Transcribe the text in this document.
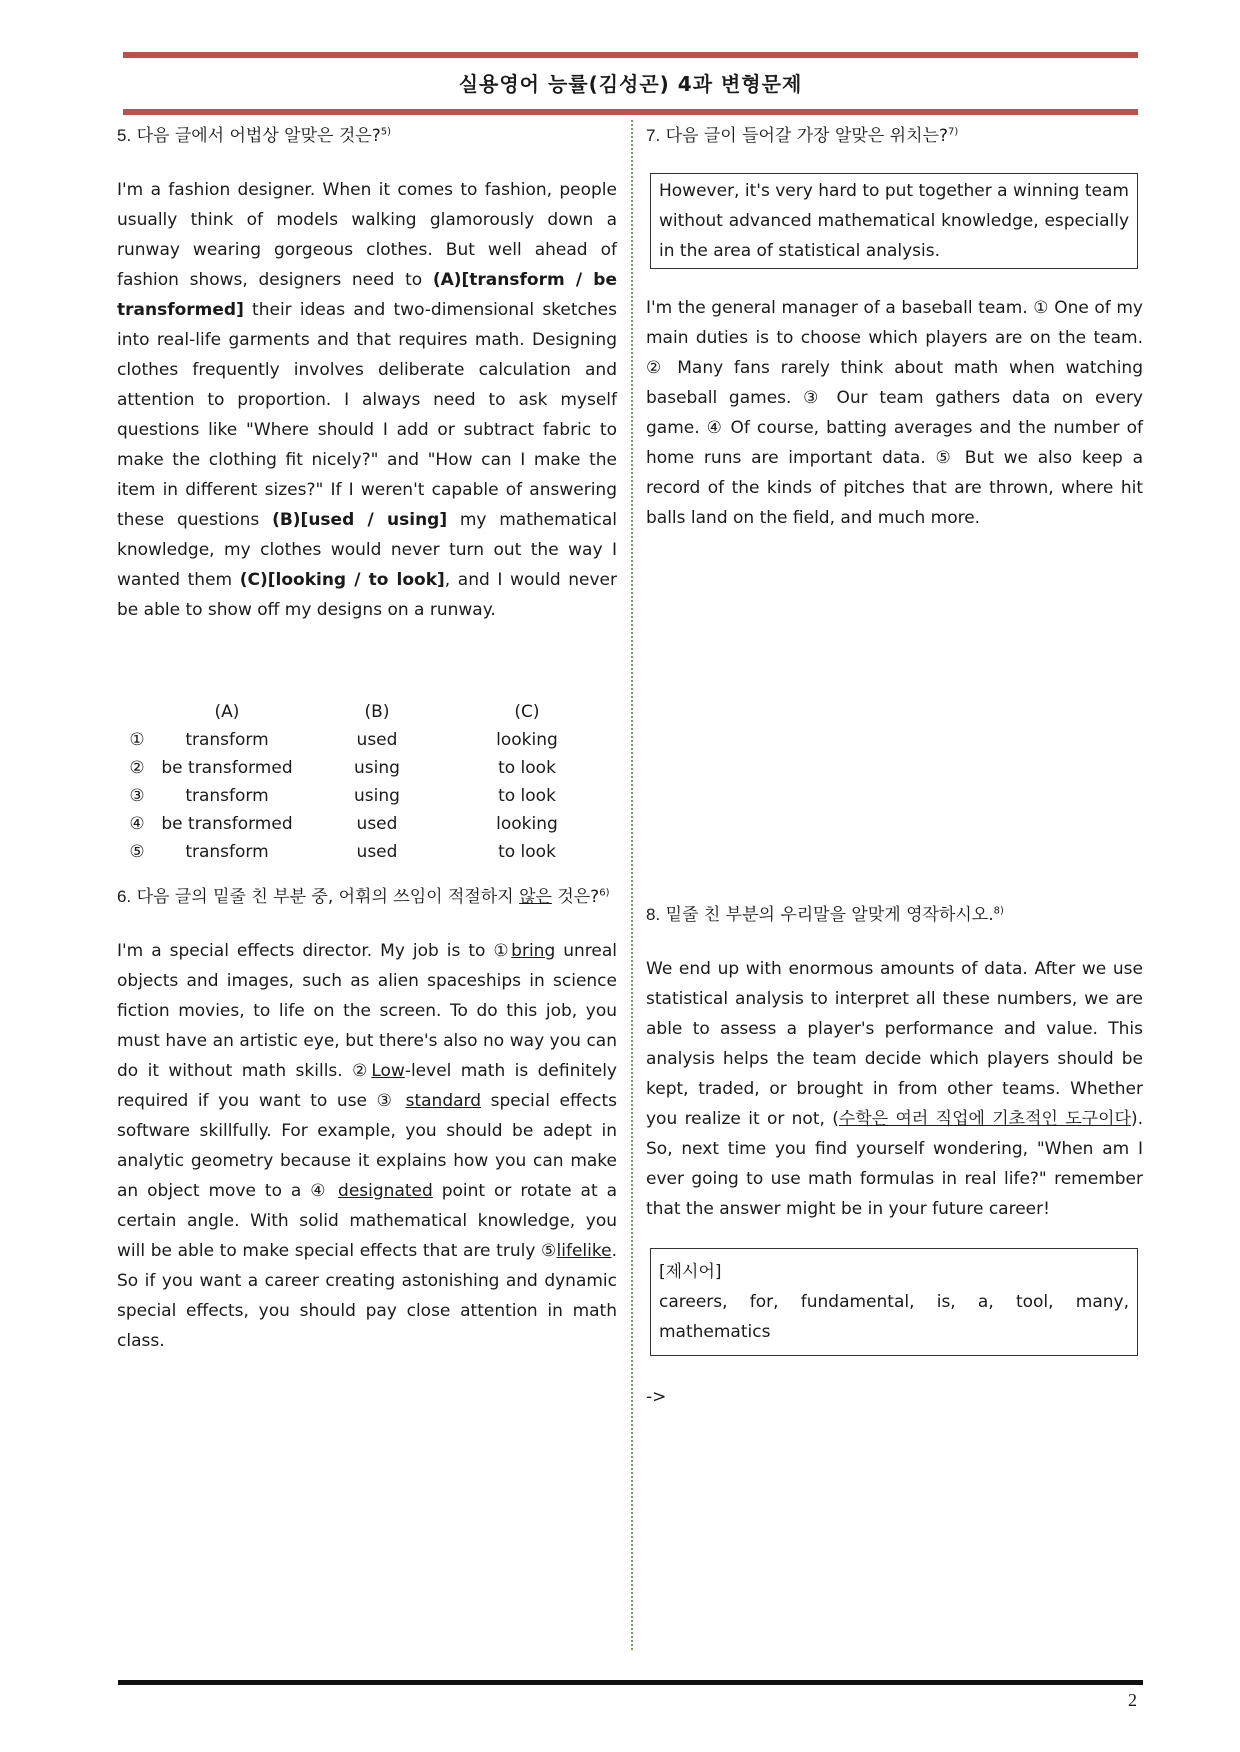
실용영어 능률(김성곤) 4과 변형문제

5. 다음 글에서 어법상 알맞은 것은?$^{5)}$

I'm a fashion designer. When it comes to fashion, people usually think of models walking glamorously down a runway wearing gorgeous clothes. But well ahead of fashion shows, designers need to (A)[transform / be transformed] their ideas and two-dimensional sketches into real-life garments and that requires math. Designing clothes frequently involves deliberate calculation and attention to proportion. I always need to ask myself questions like "Where should I add or subtract fabric to make the clothing fit nicely?" and "How can I make the item in different sizes?" If I weren't capable of answering these questions (B)[used / using] my mathematical knowledge, my clothes would never turn out the way I wanted them (C)[looking / to look], and I would never be able to show off my designs on a runway.

	(A)	(B)	(C)
①	transform	used	looking
②	be transformed	using	to look
③	transform	using	to look
④	be transformed	used	looking
⑤	transform	used	to look

6. 다음 글의 밑줄 친 부분 중, 어휘의 쓰임이 적절하지 않은 것은?$^{6)}$

I'm a special effects director. My job is to ①bring unreal objects and images, such as alien spaceships in science fiction movies, to life on the screen. To do this job, you must have an artistic eye, but there's also no way you can do it without math skills. ②Low-level math is definitely required if you want to use ③ standard special effects software skillfully. For example, you should be adept in analytic geometry because it explains how you can make an object move to a ④ designated point or rotate at a certain angle. With solid mathematical knowledge, you will be able to make special effects that are truly ⑤lifelike. So if you want a career creating astonishing and dynamic special effects, you should pay close attention in math class.

7. 다음 글이 들어갈 가장 알맞은 위치는?$^{7)}$

However, it's very hard to put together a winning team without advanced mathematical knowledge, especially in the area of statistical analysis.

I'm the general manager of a baseball team. ① One of my main duties is to choose which players are on the team. ② Many fans rarely think about math when watching baseball games. ③ Our team gathers data on every game. ④ Of course, batting averages and the number of home runs are important data. ⑤ But we also keep a record of the kinds of pitches that are thrown, where hit balls land on the field, and much more.

8. 밑줄 친 부분의 우리말을 알맞게 영작하시오.$^{8)}$

We end up with enormous amounts of data. After we use statistical analysis to interpret all these numbers, we are able to assess a player's performance and value. This analysis helps the team decide which players should be kept, traded, or brought in from other teams. Whether you realize it or not, (수학은 여러 직업에 기초적인 도구이다). So, next time you find yourself wondering, "When am I ever going to use math formulas in real life?" remember that the answer might be in your future career!

[제시어]

careers, for, fundamental, is, a, tool, many, mathematics

->

2
